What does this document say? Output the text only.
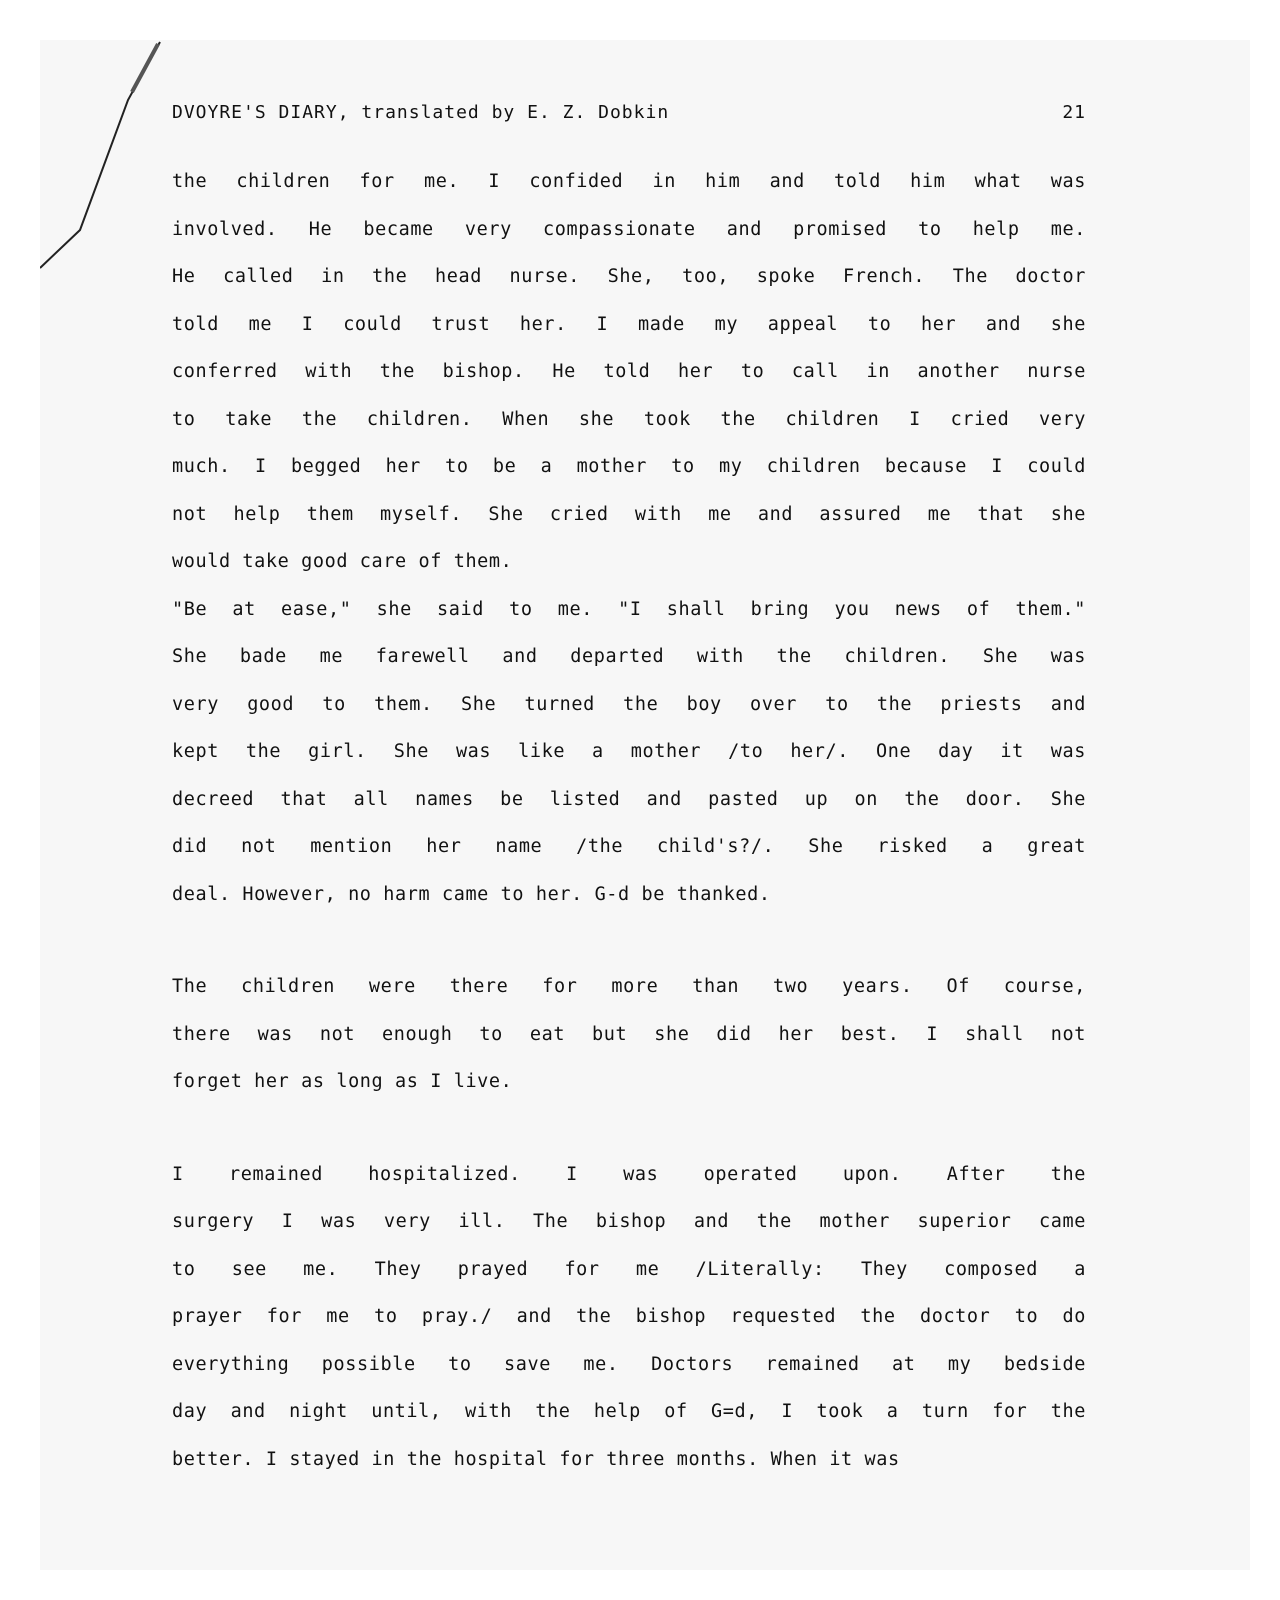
DVOYRE'S DIARY, translated by E. Z. Dobkin	21
the children for me. I confided in him and told him what was
involved. He became very compassionate and promised to help me.
He called in the head nurse. She, too, spoke French. The doctor
told me I could trust her. I made my appeal to her and she
conferred with the bishop. He told her to call in another nurse
to take the children. When she took the children I cried very
much. I begged her to be a mother to my children because I could
not help them myself. She cried with me and assured me that she
would take good care of them.
"Be at ease," she said to me. "I shall bring you news of them."
She bade me farewell and departed with the children. She was
very good to them. She turned the boy over to the priests and
kept the girl. She was like a mother /to her/. One day it was
decreed that all names be listed and pasted up on the door. She
did not mention her name /the child's?/. She risked a great
deal. However, no harm came to her. G-d be thanked.
The children were there for more than two years. Of course,
there was not enough to eat but she did her best. I shall not
forget her as long as I live.
I remained hospitalized. I was operated upon. After the
surgery I was very ill. The bishop and the mother superior came
to see me. They prayed for me /Literally: They composed a
prayer for me to pray./ and the bishop requested the doctor to do
everything possible to save me. Doctors remained at my bedside
day and night until, with the help of G=d, I took a turn for the
better. I stayed in the hospital for three months. When it was
